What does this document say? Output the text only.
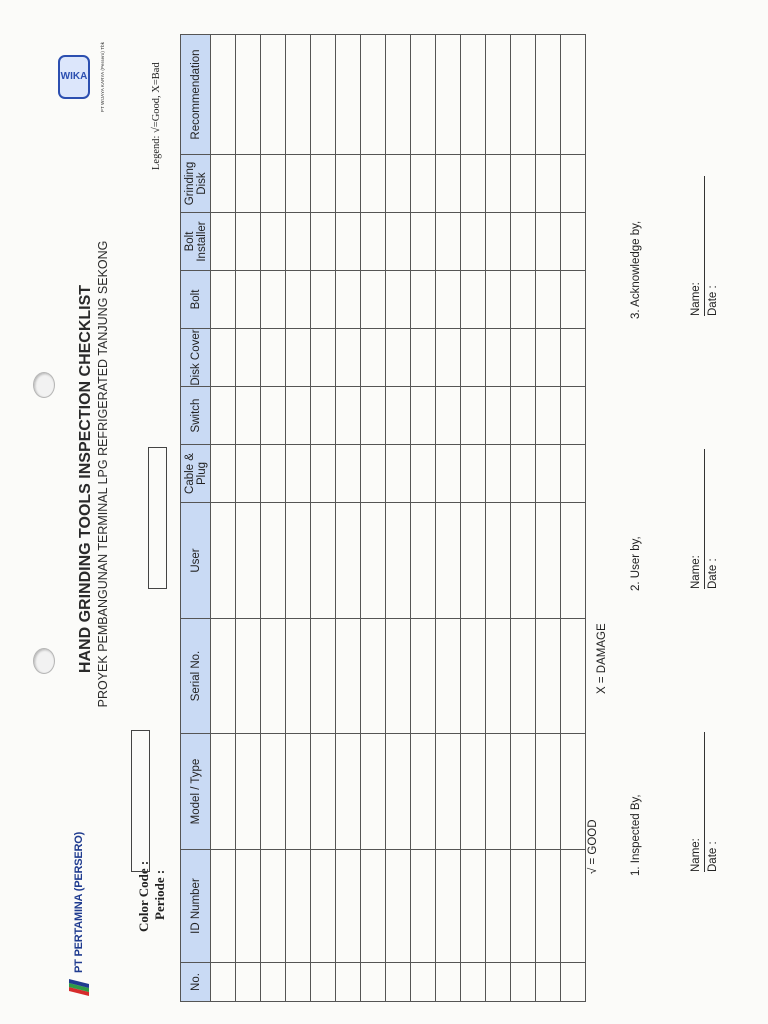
PT PERTAMINA (PERSERO)	Color Code : Periode :
HAND GRINDING TOOLS INSPECTION CHECKLIST PROYEK PEMBANGUNAN TERMINAL LPG REFRIGERATED TANJUNG SEKONG
Legend: √=Good, X=Bad
WIKA	PT WIJAYA KARYA (Persero) Tbk
No.	ID Number	Model / Type	Serial No.	User	Cable & Plug	Switch	Disk Cover	Bolt	Bolt Installer	Grinding Disk	Recommendation

√ = GOOD
X = DAMAGE
1. Inspected By,
2. User by,
3. Acknowledge by,
Name: Date :
Name: Date :
Name: Date :
